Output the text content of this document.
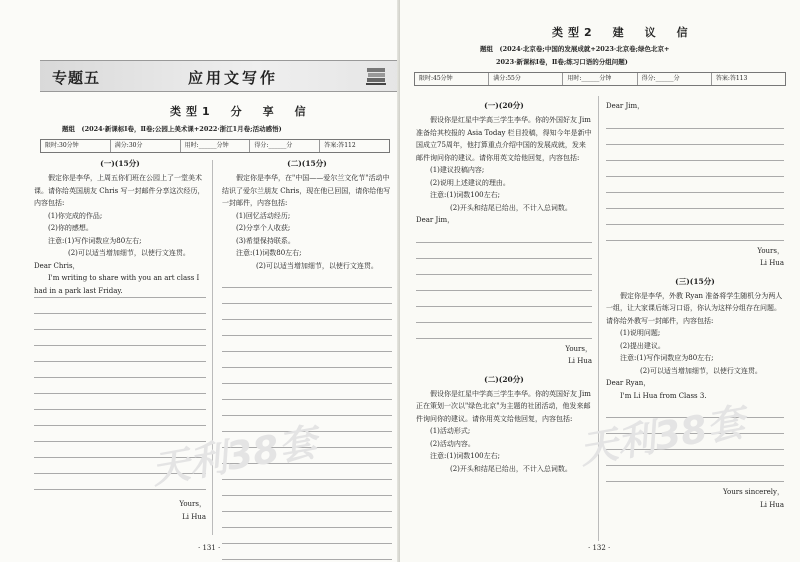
专题五	应用文写作
类型1　分　享　信
题组　(2024·新课标Ⅰ卷，Ⅱ卷;公园上美术课+2022·浙江1月卷;活动感悟)
限时:30分钟	满分:30分	用时:______分钟	得分:______分	答案:答112
(一)(15分)
假定你是李华，上周五你们班在公园上了一堂美术课。请你给英国朋友 Chris 写一封邮件分享这次经历，内容包括:
(1)你完成的作品;
(2)你的感想。
注意:(1)写作词数应为80左右;
(2)可以适当增加细节，以使行文连贯。
Dear Chris，
I'm writing to share with you an art class I had in a park last Friday.
Yours，
Li Hua
(二)(15分)
假定你是李华，在"中国——爱尔兰文化节"活动中结识了爱尔兰朋友 Chris，现在他已回国，请你给他写一封邮件，内容包括:
(1)回忆活动经历;
(2)分享个人收获;
(3)希望保持联系。
注意:(1)词数80左右;
(2)可以适当增加细节，以使行文连贯。
天利38套
· 131 ·
类型2　建　议　信
题组　(2024·北京卷;中国的发展成就+2023·北京卷;绿色北京+
2023·新课标Ⅰ卷，Ⅱ卷;练习口语的分组问题)
限时:45分钟	满分:55分	用时:______分钟	得分:______分	答案:答113
(一)(20分)
假设你是红星中学高三学生李华。你的外国好友 Jim 准备给其校报的 Asia Today 栏目投稿，得知今年是新中国成立75周年，他打算重点介绍中国的发展成就，发来邮件询问你的建议。请你用英文给他回复，内容包括:
(1)建议投稿内容;
(2)说明上述建议的理由。
注意:(1)词数100左右;
(2)开头和结尾已给出，不计入总词数。
Dear Jim，
Yours，
Li Hua
(二)(20分)
假设你是红星中学高三学生李华。你的英国好友 Jim 正在策划一次以"绿色北京"为主题的社团活动，他发来邮件询问你的建议。请你用英文给他回复，内容包括:
(1)活动形式;
(2)活动内容。
注意:(1)词数100左右;
(2)开头和结尾已给出，不计入总词数。
Dear Jim，
Yours，
Li Hua
(三)(15分)
假定你是李华，外教 Ryan 准备将学生随机分为两人一组，让大家课后练习口语，你认为这样分组存在问题。请你给外教写一封邮件，内容包括:
(1)说明问题;
(2)提出建议。
注意:(1)写作词数应为80左右;
(2)可以适当增加细节，以使行文连贯。
Dear Ryan，
I'm Li Hua from Class 3.
Yours sincerely，
Li Hua
天利38套
· 132 ·
